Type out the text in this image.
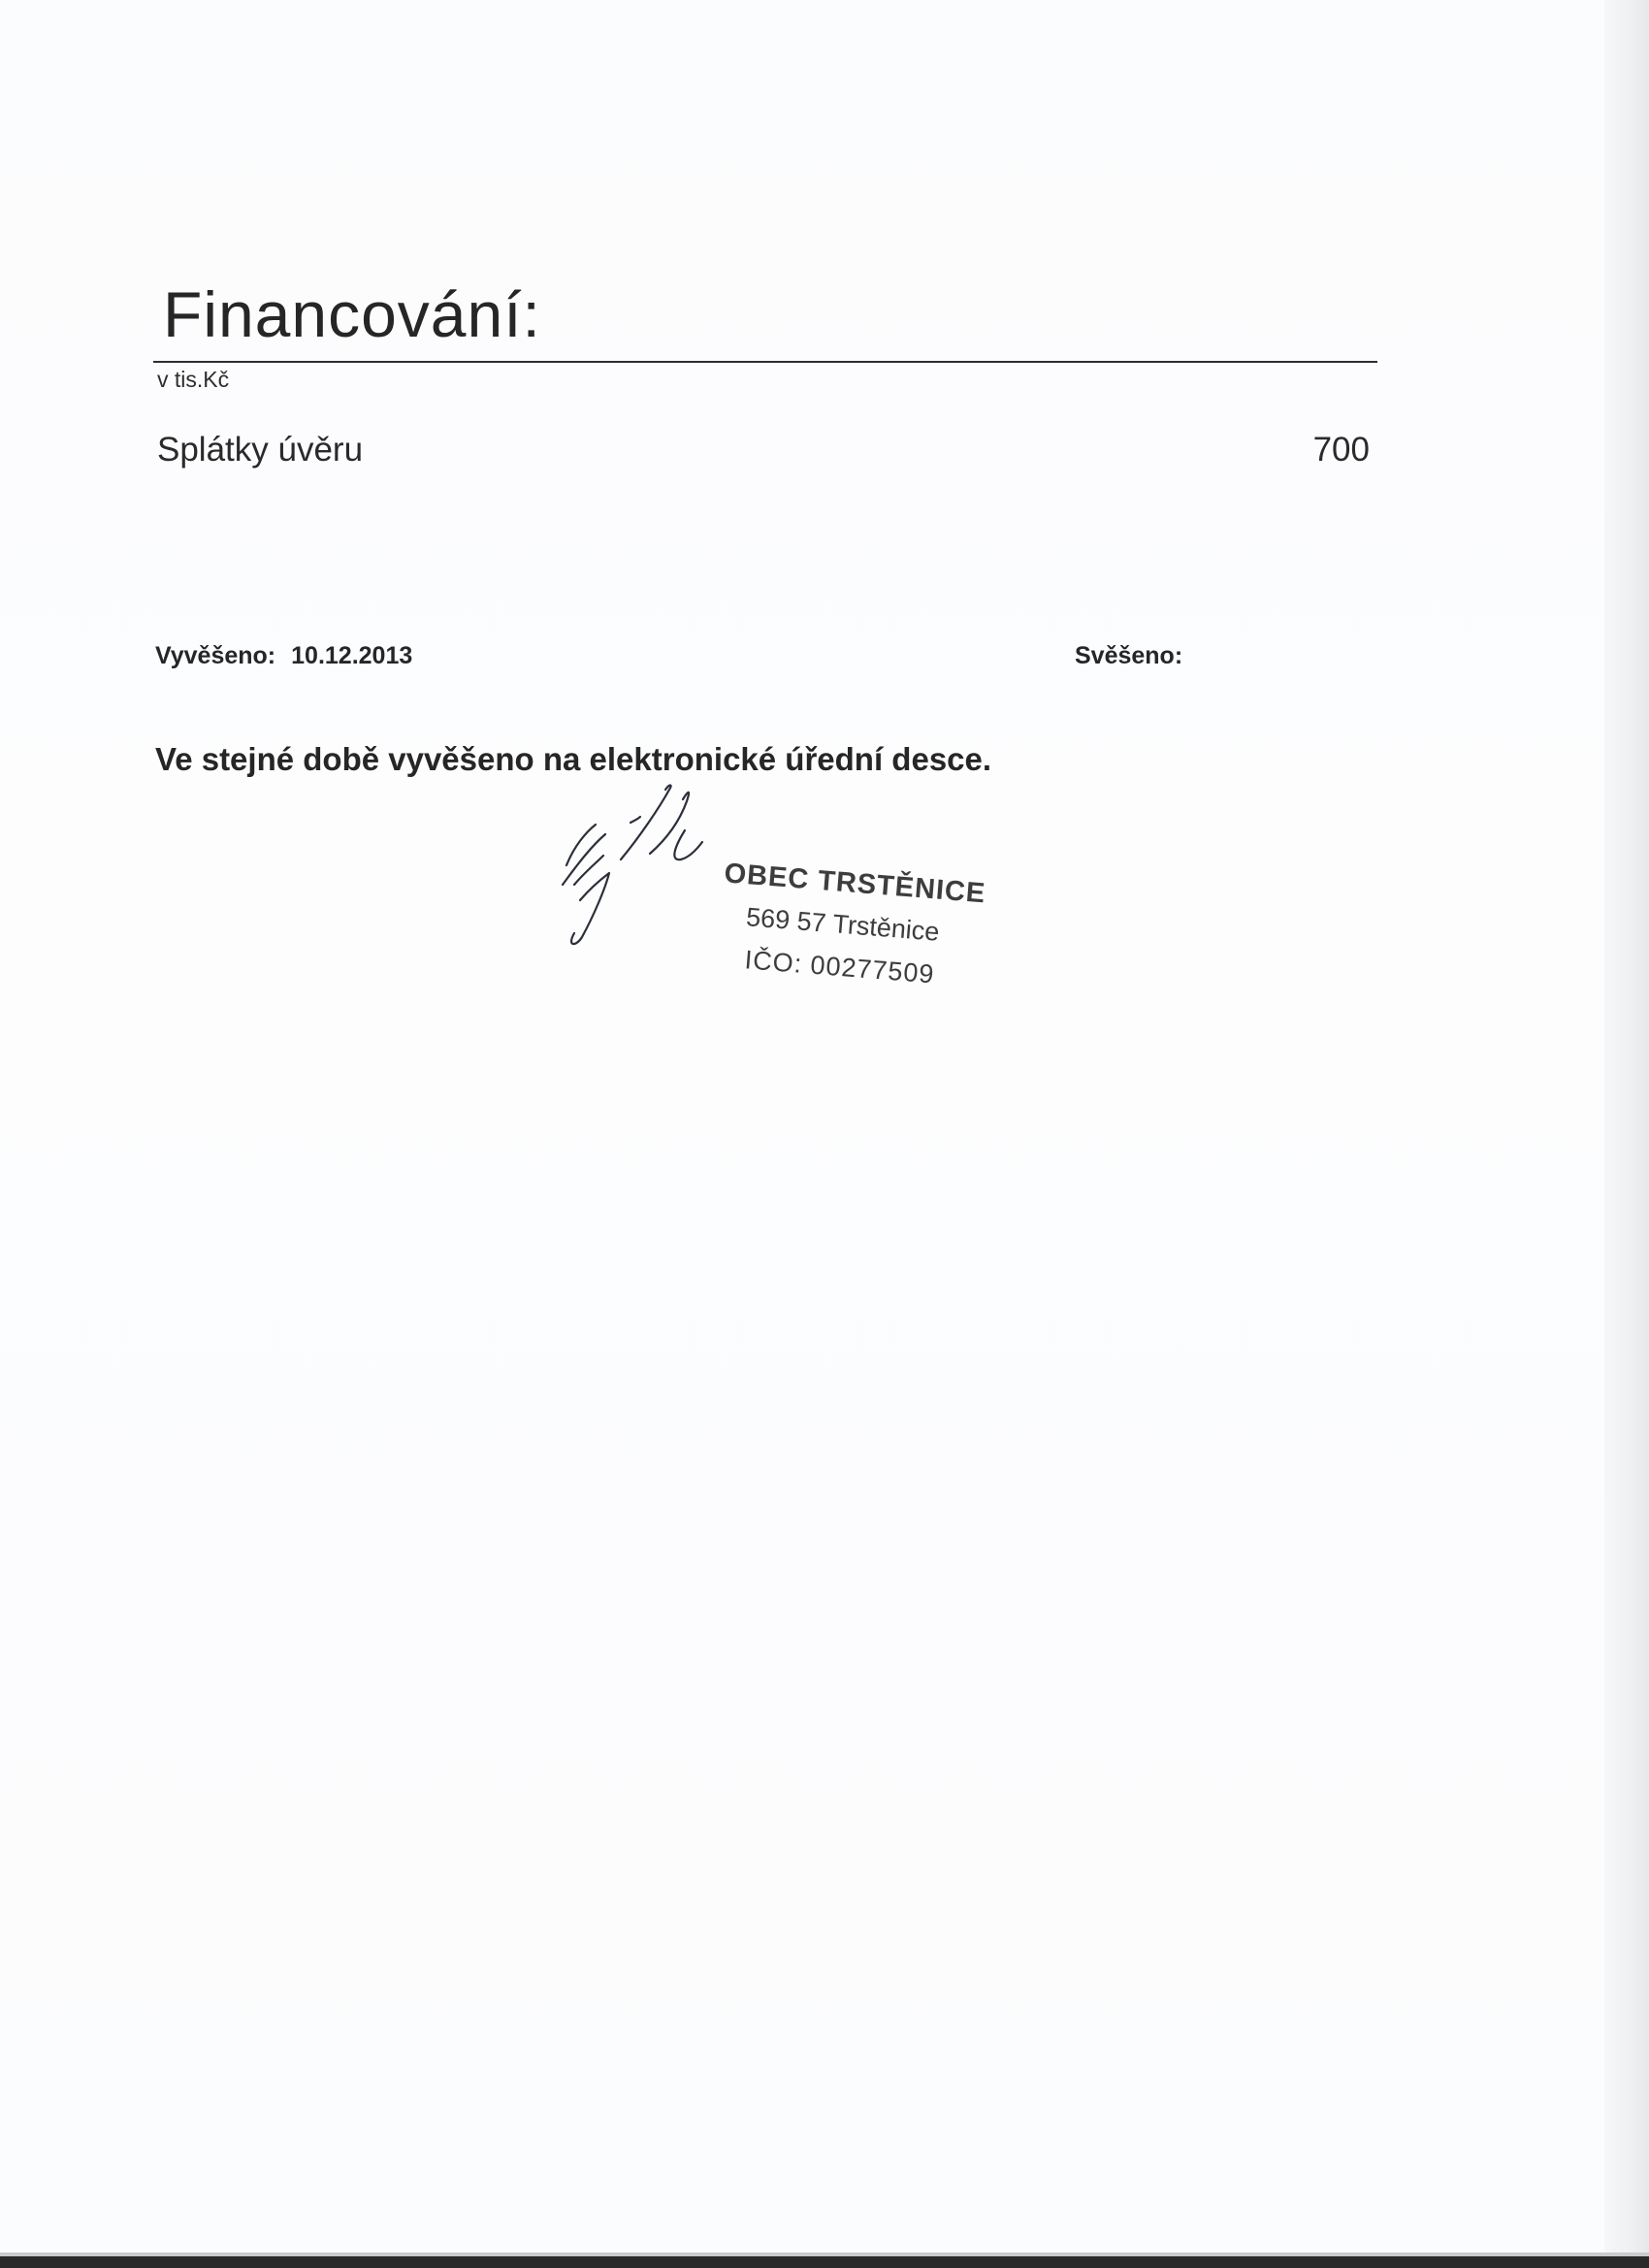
Financování:
v tis.Kč
Splátky úvěru	700
Vyvěšeno: 10.12.2013	Svěšeno:
Ve stejné době vyvěšeno na elektronické úřední desce.
OBEC TRSTĚNICE
569 57 Trstěnice
IČO: 00277509
